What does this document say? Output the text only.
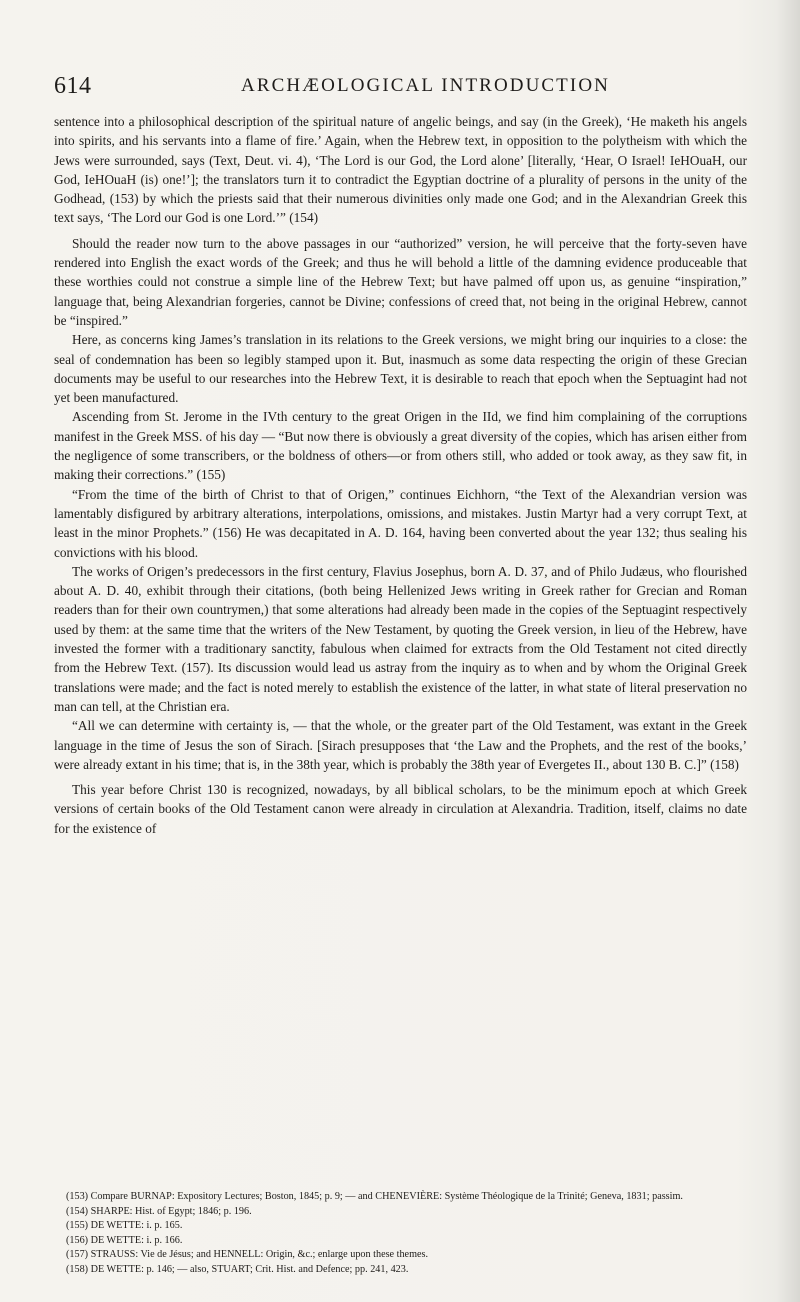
614	ARCHÆOLOGICAL INTRODUCTION

sentence into a philosophical description of the spiritual nature of angelic beings, and say (in the Greek), ‘He maketh his angels into spirits, and his servants into a flame of fire.’ Again, when the Hebrew text, in opposition to the polytheism with which the Jews were surrounded, says (Text, Deut. vi. 4), ‘The Lord is our God, the Lord alone’ [literally, ‘Hear, O Israel! IeHOuaH, our God, IeHOuaH (is) one!’]; the translators turn it to contradict the Egyptian doctrine of a plurality of persons in the unity of the Godhead, (153) by which the priests said that their numerous divinities only made one God; and in the Alexandrian Greek this text says, ‘The Lord our God is one Lord.’” (154)

Should the reader now turn to the above passages in our “authorized” version, he will perceive that the forty-seven have rendered into English the exact words of the Greek; and thus he will behold a little of the damning evidence produceable that these worthies could not construe a simple line of the Hebrew Text; but have palmed off upon us, as genuine “inspiration,” language that, being Alexandrian forgeries, cannot be Divine; confessions of creed that, not being in the original Hebrew, cannot be “inspired.”

Here, as concerns king James’s translation in its relations to the Greek versions, we might bring our inquiries to a close: the seal of condemnation has been so legibly stamped upon it. But, inasmuch as some data respecting the origin of these Grecian documents may be useful to our researches into the Hebrew Text, it is desirable to reach that epoch when the Septuagint had not yet been manufactured.

Ascending from St. Jerome in the IVth century to the great Origen in the IId, we find him complaining of the corruptions manifest in the Greek MSS. of his day — “But now there is obviously a great diversity of the copies, which has arisen either from the negligence of some transcribers, or the boldness of others—or from others still, who added or took away, as they saw fit, in making their corrections.” (155)

“From the time of the birth of Christ to that of Origen,” continues Eichhorn, “the Text of the Alexandrian version was lamentably disfigured by arbitrary alterations, interpolations, omissions, and mistakes. Justin Martyr had a very corrupt Text, at least in the minor Prophets.” (156) He was decapitated in A. D. 164, having been converted about the year 132; thus sealing his convictions with his blood.

The works of Origen’s predecessors in the first century, Flavius Josephus, born A. D. 37, and of Philo Judæus, who flourished about A. D. 40, exhibit through their citations, (both being Hellenized Jews writing in Greek rather for Grecian and Roman readers than for their own countrymen,) that some alterations had already been made in the copies of the Septuagint respectively used by them: at the same time that the writers of the New Testament, by quoting the Greek version, in lieu of the Hebrew, have invested the former with a traditionary sanctity, fabulous when claimed for extracts from the Old Testament not cited directly from the Hebrew Text. (157). Its discussion would lead us astray from the inquiry as to when and by whom the Original Greek translations were made; and the fact is noted merely to establish the existence of the latter, in what state of literal preservation no man can tell, at the Christian era.

“All we can determine with certainty is, — that the whole, or the greater part of the Old Testament, was extant in the Greek language in the time of Jesus the son of Sirach. [Sirach presupposes that ‘the Law and the Prophets, and the rest of the books,’ were already extant in his time; that is, in the 38th year, which is probably the 38th year of Evergetes II., about 130 B. C.]” (158)

This year before Christ 130 is recognized, nowadays, by all biblical scholars, to be the minimum epoch at which Greek versions of certain books of the Old Testament canon were already in circulation at Alexandria. Tradition, itself, claims no date for the existence of

(153) Compare BURNAP: Expository Lectures; Boston, 1845; p. 9; — and CHENEVIÈRE: Système Théologique de la Trinité; Geneva, 1831; passim.
(154) SHARPE: Hist. of Egypt; 1846; p. 196.
(155) DE WETTE: i. p. 165.
(156) DE WETTE: i. p. 166.
(157) STRAUSS: Vie de Jésus; and HENNELL: Origin, &c.; enlarge upon these themes.
(158) DE WETTE: p. 146; — also, STUART; Crit. Hist. and Defence; pp. 241, 423.
